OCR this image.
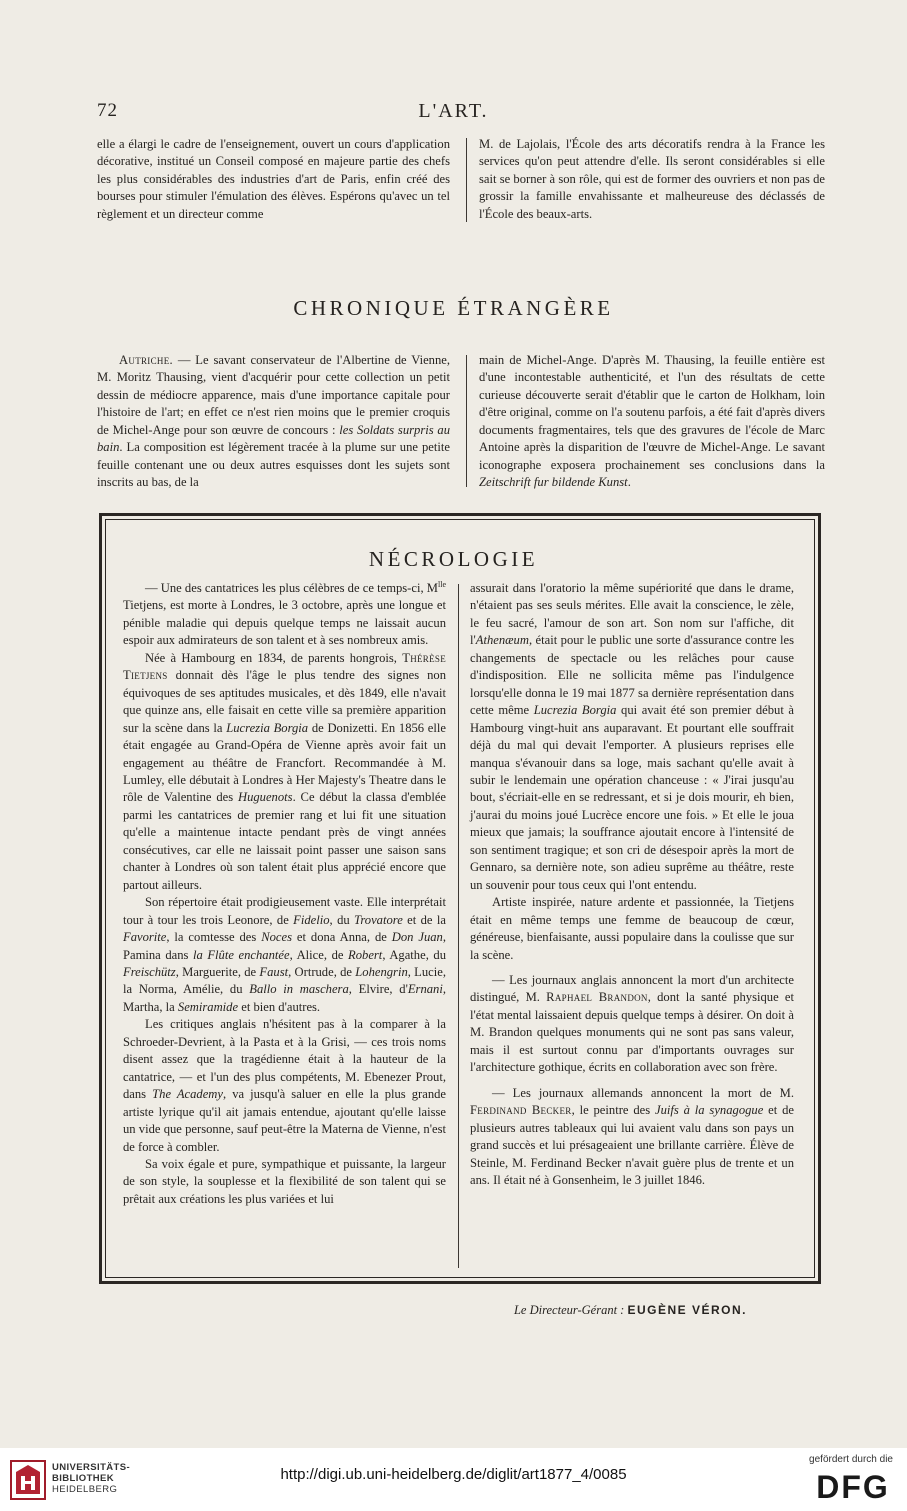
72	L'ART.

elle a élargi le cadre de l'enseignement, ouvert un cours d'application décorative, institué un Conseil composé en majeure partie des chefs les plus considérables des industries d'art de Paris, enfin créé des bourses pour stimuler l'émulation des élèves. Espérons qu'avec un tel règlement et un directeur comme

M. de Lajolais, l'École des arts décoratifs rendra à la France les services qu'on peut attendre d'elle. Ils seront considérables si elle sait se borner à son rôle, qui est de former des ouvriers et non pas de grossir la famille envahissante et malheureuse des déclassés de l'École des beaux-arts.

CHRONIQUE ÉTRANGÈRE

Autriche. — Le savant conservateur de l'Albertine de Vienne, M. Moritz Thausing, vient d'acquérir pour cette collection un petit dessin de médiocre apparence, mais d'une importance capitale pour l'histoire de l'art; en effet ce n'est rien moins que le premier croquis de Michel-Ange pour son œuvre de concours : les Soldats surpris au bain. La composition est légèrement tracée à la plume sur une petite feuille contenant une ou deux autres esquisses dont les sujets sont inscrits au bas, de la

main de Michel-Ange. D'après M. Thausing, la feuille entière est d'une incontestable authenticité, et l'un des résultats de cette curieuse découverte serait d'établir que le carton de Holkham, loin d'être original, comme on l'a soutenu parfois, a été fait d'après divers documents fragmentaires, tels que des gravures de l'école de Marc Antoine après la disparition de l'œuvre de Michel-Ange. Le savant iconographe exposera prochainement ses conclusions dans la Zeitschrift fur bildende Kunst.

NÉCROLOGIE

— Une des cantatrices les plus célèbres de ce temps-ci, $M^{lle}$ Tietjens, est morte à Londres, le 3 octobre, après une longue et pénible maladie qui depuis quelque temps ne laissait aucun espoir aux admirateurs de son talent et à ses nombreux amis.

Née à Hambourg en 1834, de parents hongrois, Thérèse Tietjens donnait dès l'âge le plus tendre des signes non équivoques de ses aptitudes musicales, et dès 1849, elle n'avait que quinze ans, elle faisait en cette ville sa première apparition sur la scène dans la Lucrezia Borgia de Donizetti. En 1856 elle était engagée au Grand-Opéra de Vienne après avoir fait un engagement au théâtre de Francfort. Recommandée à M. Lumley, elle débutait à Londres à Her Majesty's Theatre dans le rôle de Valentine des Huguenots. Ce début la classa d'emblée parmi les cantatrices de premier rang et lui fit une situation qu'elle a maintenue intacte pendant près de vingt années consécutives, car elle ne laissait point passer une saison sans chanter à Londres où son talent était plus apprécié encore que partout ailleurs.

Son répertoire était prodigieusement vaste. Elle interprétait tour à tour les trois Leonore, de Fidelio, du Trovatore et de la Favorite, la comtesse des Noces et dona Anna, de Don Juan, Pamina dans la Flûte enchantée, Alice, de Robert, Agathe, du Freischütz, Marguerite, de Faust, Ortrude, de Lohengrin, Lucie, la Norma, Amélie, du Ballo in maschera, Elvire, d'Ernani, Martha, la Semiramide et bien d'autres.

Les critiques anglais n'hésitent pas à la comparer à la Schroeder-Devrient, à la Pasta et à la Grisi, — ces trois noms disent assez que la tragédienne était à la hauteur de la cantatrice, — et l'un des plus compétents, M. Ebenezer Prout, dans The Academy, va jusqu'à saluer en elle la plus grande artiste lyrique qu'il ait jamais entendue, ajoutant qu'elle laisse un vide que personne, sauf peut-être la Materna de Vienne, n'est de force à combler.

Sa voix égale et pure, sympathique et puissante, la largeur de son style, la souplesse et la flexibilité de son talent qui se prêtait aux créations les plus variées et lui

assurait dans l'oratorio la même supériorité que dans le drame, n'étaient pas ses seuls mérites. Elle avait la conscience, le zèle, le feu sacré, l'amour de son art. Son nom sur l'affiche, dit l'Athenæum, était pour le public une sorte d'assurance contre les changements de spectacle ou les relâches pour cause d'indisposition. Elle ne sollicita même pas l'indulgence lorsqu'elle donna le 19 mai 1877 sa dernière représentation dans cette même Lucrezia Borgia qui avait été son premier début à Hambourg vingt-huit ans auparavant. Et pourtant elle souffrait déjà du mal qui devait l'emporter. A plusieurs reprises elle manqua s'évanouir dans sa loge, mais sachant qu'elle avait à subir le lendemain une opération chanceuse : « J'irai jusqu'au bout, s'écriait-elle en se redressant, et si je dois mourir, eh bien, j'aurai du moins joué Lucrèce encore une fois. » Et elle le joua mieux que jamais; la souffrance ajoutait encore à l'intensité de son sentiment tragique; et son cri de désespoir après la mort de Gennaro, sa dernière note, son adieu suprême au théâtre, reste un souvenir pour tous ceux qui l'ont entendu.

Artiste inspirée, nature ardente et passionnée, la Tietjens était en même temps une femme de beaucoup de cœur, généreuse, bienfaisante, aussi populaire dans la coulisse que sur la scène.

— Les journaux anglais annoncent la mort d'un architecte distingué, M. Raphael Brandon, dont la santé physique et l'état mental laissaient depuis quelque temps à désirer. On doit à M. Brandon quelques monuments qui ne sont pas sans valeur, mais il est surtout connu par d'importants ouvrages sur l'architecture gothique, écrits en collaboration avec son frère.

— Les journaux allemands annoncent la mort de M. Ferdinand Becker, le peintre des Juifs à la synagogue et de plusieurs autres tableaux qui lui avaient valu dans son pays un grand succès et lui présageaient une brillante carrière. Élève de Steinle, M. Ferdinand Becker n'avait guère plus de trente et un ans. Il était né à Gonsenheim, le 3 juillet 1846.

Le Directeur-Gérant : EUGÈNE VÉRON.
UNIVERSITÄTS-
BIBLIOTHEK
HEIDELBERG
http://digi.ub.uni-heidelberg.de/diglit/art1877_4/0085
gefördert durch die
DFG
